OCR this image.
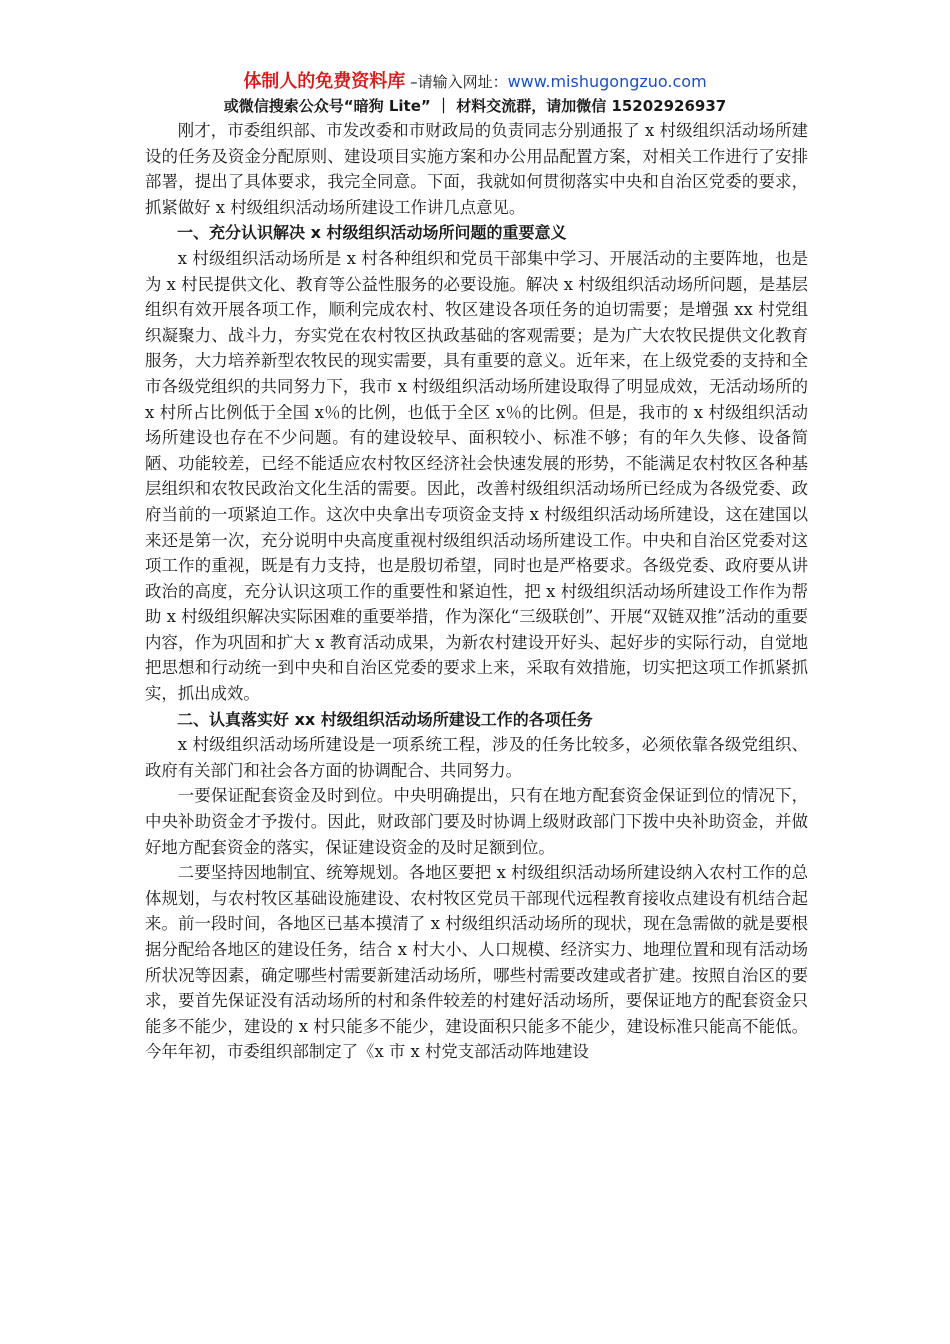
体制人的免费资料库 –请输入网址：www.mishugongzuo.com
或微信搜索公众号“暗狗 Lite” ｜ 材料交流群，请加微信 15202926937

刚才，市委组织部、市发改委和市财政局的负责同志分别通报了 x 村级组织活动场所建设的任务及资金分配原则、建设项目实施方案和办公用品配置方案，对相关工作进行了安排部署，提出了具体要求，我完全同意。下面，我就如何贯彻落实中央和自治区党委的要求，抓紧做好 x 村级组织活动场所建设工作讲几点意见。

一、充分认识解决 x 村级组织活动场所问题的重要意义

x 村级组织活动场所是 x 村各种组织和党员干部集中学习、开展活动的主要阵地，也是为 x 村民提供文化、教育等公益性服务的必要设施。解决 x 村级组织活动场所问题，是基层组织有效开展各项工作，顺利完成农村、牧区建设各项任务的迫切需要；是增强 xx 村党组织凝聚力、战斗力，夯实党在农村牧区执政基础的客观需要；是为广大农牧民提供文化教育服务，大力培养新型农牧民的现实需要，具有重要的意义。近年来，在上级党委的支持和全市各级党组织的共同努力下，我市 x 村级组织活动场所建设取得了明显成效，无活动场所的 x 村所占比例低于全国 x％的比例，也低于全区 x％的比例。但是，我市的 x 村级组织活动场所建设也存在不少问题。有的建设较早、面积较小、标准不够；有的年久失修、设备简陋、功能较差，已经不能适应农村牧区经济社会快速发展的形势，不能满足农村牧区各种基层组织和农牧民政治文化生活的需要。因此，改善村级组织活动场所已经成为各级党委、政府当前的一项紧迫工作。这次中央拿出专项资金支持 x 村级组织活动场所建设，这在建国以来还是第一次，充分说明中央高度重视村级组织活动场所建设工作。中央和自治区党委对这项工作的重视，既是有力支持，也是殷切希望，同时也是严格要求。各级党委、政府要从讲政治的高度，充分认识这项工作的重要性和紧迫性，把 x 村级组织活动场所建设工作作为帮助 x 村级组织解决实际困难的重要举措，作为深化“三级联创”、开展“双链双推”活动的重要内容，作为巩固和扩大 x 教育活动成果，为新农村建设开好头、起好步的实际行动，自觉地把思想和行动统一到中央和自治区党委的要求上来，采取有效措施，切实把这项工作抓紧抓实，抓出成效。

二、认真落实好 xx 村级组织活动场所建设工作的各项任务

x 村级组织活动场所建设是一项系统工程，涉及的任务比较多，必须依靠各级党组织、政府有关部门和社会各方面的协调配合、共同努力。

一要保证配套资金及时到位。中央明确提出，只有在地方配套资金保证到位的情况下，中央补助资金才予拨付。因此，财政部门要及时协调上级财政部门下拨中央补助资金，并做好地方配套资金的落实，保证建设资金的及时足额到位。

二要坚持因地制宜、统筹规划。各地区要把 x 村级组织活动场所建设纳入农村工作的总体规划，与农村牧区基础设施建设、农村牧区党员干部现代远程教育接收点建设有机结合起来。前一段时间，各地区已基本摸清了 x 村级组织活动场所的现状，现在急需做的就是要根据分配给各地区的建设任务，结合 x 村大小、人口规模、经济实力、地理位置和现有活动场所状况等因素，确定哪些村需要新建活动场所，哪些村需要改建或者扩建。按照自治区的要求，要首先保证没有活动场所的村和条件较差的村建好活动场所，要保证地方的配套资金只能多不能少，建设的 x 村只能多不能少，建设面积只能多不能少，建设标准只能高不能低。今年年初，市委组织部制定了《x 市 x 村党支部活动阵地建设
